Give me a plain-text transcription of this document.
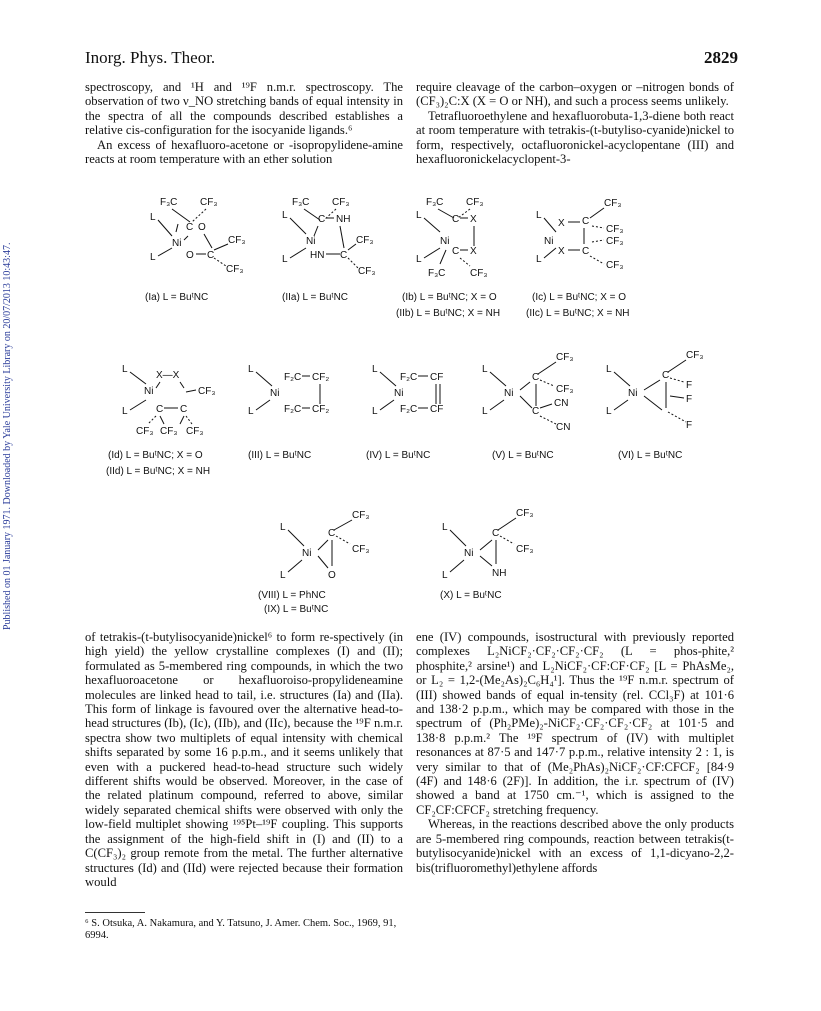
Published on 01 January 1971. Downloaded by Yale University Library on 20/07/2013 10:43:47.
Inorg. Phys. Theor.	2829

spectroscopy, and ¹H and ¹⁹F n.m.r. spectroscopy. The observation of two ν_NO stretching bands of equal intensity in the spectra of all the compounds described establishes a relative cis-configuration for the isocyanide ligands.⁶

An excess of hexafluoro-acetone or -isopropylidene-amine reacts at room temperature with an ether solution

require cleavage of the carbon–oxygen or –nitrogen bonds of (CF₃)₂C:X (X = O or NH), and such a process seems unlikely.

Tetrafluoroethylene and hexafluorobuta-1,3-diene both react at room temperature with tetrakis-(t-butyliso-cyanide)nickel to form, respectively, octafluoronickel-acyclopentane (III) and hexafluoronickelacyclopent-3-

F₃C CF₃
C O
L
Ni
O C
CF₃
CF₃
L
(Ia) L = BuᵗNC
F₃C CF₃
C NH
L
Ni
HN C
CF₃
CF₃
L
(IIa) L = BuᵗNC
F₃C CF₃
C X
L
Ni
C X
F₃C CF₃
L
(Ib) L = BuᵗNC; X = O
(IIb) L = BuᵗNC; X = NH
CF₃
C
X
L
Ni
CF₃
CF₃
C
X
CF₃
L
(Ic) L = BuᵗNC; X = O
(IIc) L = BuᵗNC; X = NH
L
X—X
Ni	CF₃
C C
CF₃ CF₃ CF₃
L
(Id) L = BuᵗNC; X = O
(IId) L = BuᵗNC; X = NH
L
F₂C CF₂
Ni
F₂C CF₂
L
(III) L = BuᵗNC
L
F₂C CF
Ni
F₂C CF
L
(IV) L = BuᵗNC
CF₃
C
L
Ni	CF₃
C
CN
CN
L
(V) L = BuᵗNC
CF₃
C
L
Ni
F
F
F
L
(VI) L = BuᵗNC
CF₃
C
L
Ni	CF₃
O
L
(VIII) L = PhNC
(IX) L = BuᵗNC
CF₃
C
L
Ni	CF₃
NH
L
(X) L = BuᵗNC

of tetrakis-(t-butylisocyanide)nickel⁶ to form re-spectively (in high yield) the yellow crystalline complexes (I) and (II); formulated as 5-membered ring compounds, in which the two hexafluoroacetone or hexafluoroiso-propylideneamine molecules are linked head to tail, i.e. structures (Ia) and (IIa). This form of linkage is favoured over the alternative head-to-head structures (Ib), (Ic), (IIb), and (IIc), because the ¹⁹F n.m.r. spectra show two multiplets of equal intensity with chemical shifts separated by some 16 p.p.m., and it seems unlikely that even with a puckered head-to-head structure such widely different shifts would be observed. Moreover, in the case of the related platinum compound, referred to above, similar widely separated chemical shifts were observed with only the low-field multiplet showing ¹⁹⁵Pt–¹⁹F coupling. This supports the assignment of the high-field shift in (I) and (II) to a C(CF₃)₂ group remote from the metal. The further alternative structures (Id) and (IId) were rejected because their formation would

ene (IV) compounds, isostructural with previously reported complexes L₂NiCF₂·CF₂·CF₂·CF₂ (L = phos-phite,² phosphite,² arsine¹) and L₂NiCF₂·CF:CF·CF₂ [L = PhAsMe₂, or L₂ = 1,2-(Me₂As)₂C₆H₄¹]. Thus the ¹⁹F n.m.r. spectrum of (III) showed bands of equal in-tensity (rel. CCl₃F) at 101·6 and 138·2 p.p.m., which may be compared with those in the spectrum of (Ph₂PMe)₂-NiCF₂·CF₂·CF₂·CF₂ at 101·5 and 138·8 p.p.m.² The ¹⁹F spectrum of (IV) with multiplet resonances at 87·5 and 147·7 p.p.m., relative intensity 2 : 1, is very similar to that of (Me₂PhAs)₂NiCF₂·CF:CFCF₂ [84·9 (4F) and 148·6 (2F)]. In addition, the i.r. spectrum of (IV) showed a band at 1750 cm.⁻¹, which is assigned to the CF₂CF:CFCF₂ stretching frequency.

Whereas, in the reactions described above the only products are 5-membered ring compounds, reaction between tetrakis(t-butylisocyanide)nickel with an excess of 1,1-dicyano-2,2-bis(trifluoromethyl)ethylene affords

⁶ S. Otsuka, A. Nakamura, and Y. Tatsuno, J. Amer. Chem. Soc., 1969, 91, 6994.
